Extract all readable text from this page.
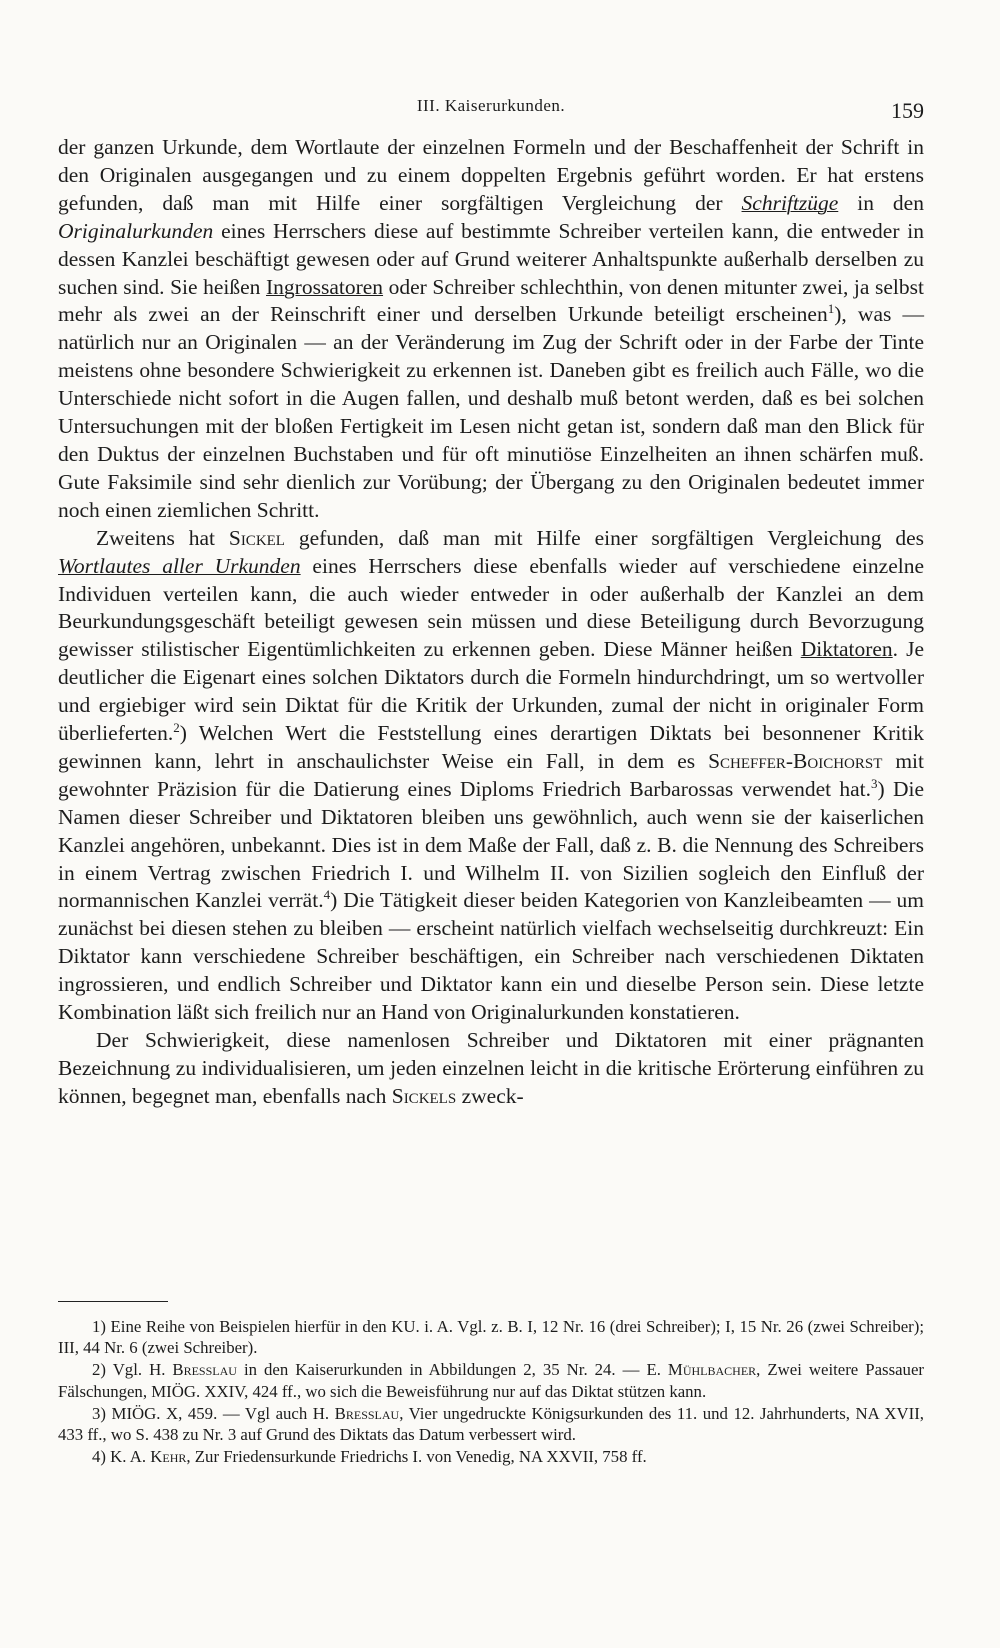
III. Kaiserurkunden.	159

der ganzen Urkunde, dem Wortlaute der einzelnen Formeln und der Beschaffenheit der Schrift in den Originalen ausgegangen und zu einem doppelten Ergebnis geführt worden. Er hat erstens gefunden, daß man mit Hilfe einer sorgfältigen Vergleichung der Schriftzüge in den Originalurkunden eines Herrschers diese auf bestimmte Schreiber verteilen kann, die entweder in dessen Kanzlei beschäftigt gewesen oder auf Grund weiterer Anhaltspunkte außerhalb derselben zu suchen sind. Sie heißen Ingrossatoren oder Schreiber schlechthin, von denen mitunter zwei, ja selbst mehr als zwei an der Reinschrift einer und derselben Urkunde beteiligt erscheinen$^1$), was — natürlich nur an Originalen — an der Veränderung im Zug der Schrift oder in der Farbe der Tinte meistens ohne besondere Schwierigkeit zu erkennen ist. Daneben gibt es freilich auch Fälle, wo die Unterschiede nicht sofort in die Augen fallen, und deshalb muß betont werden, daß es bei solchen Untersuchungen mit der bloßen Fertigkeit im Lesen nicht getan ist, sondern daß man den Blick für den Duktus der einzelnen Buchstaben und für oft minutiöse Einzelheiten an ihnen schärfen muß. Gute Faksimile sind sehr dienlich zur Vorübung; der Übergang zu den Originalen bedeutet immer noch einen ziemlichen Schritt.

Zweitens hat Sickel gefunden, daß man mit Hilfe einer sorgfältigen Vergleichung des Wortlautes aller Urkunden eines Herrschers diese ebenfalls wieder auf verschiedene einzelne Individuen verteilen kann, die auch wieder entweder in oder außerhalb der Kanzlei an dem Beurkundungsgeschäft beteiligt gewesen sein müssen und diese Beteiligung durch Bevorzugung gewisser stilistischer Eigentümlichkeiten zu erkennen geben. Diese Männer heißen Diktatoren. Je deutlicher die Eigenart eines solchen Diktators durch die Formeln hindurchdringt, um so wertvoller und ergiebiger wird sein Diktat für die Kritik der Urkunden, zumal der nicht in originaler Form überlieferten.$^2$) Welchen Wert die Feststellung eines derartigen Diktats bei besonnener Kritik gewinnen kann, lehrt in anschaulichster Weise ein Fall, in dem es Scheffer-Boichorst mit gewohnter Präzision für die Datierung eines Diploms Friedrich Barbarossas verwendet hat.$^3$) Die Namen dieser Schreiber und Diktatoren bleiben uns gewöhnlich, auch wenn sie der kaiserlichen Kanzlei angehören, unbekannt. Dies ist in dem Maße der Fall, daß z. B. die Nennung des Schreibers in einem Vertrag zwischen Friedrich I. und Wilhelm II. von Sizilien sogleich den Einfluß der normannischen Kanzlei verrät.$^4$) Die Tätigkeit dieser beiden Kategorien von Kanzleibeamten — um zunächst bei diesen stehen zu bleiben — erscheint natürlich vielfach wechselseitig durchkreuzt: Ein Diktator kann verschiedene Schreiber beschäftigen, ein Schreiber nach verschiedenen Diktaten ingrossieren, und endlich Schreiber und Diktator kann ein und dieselbe Person sein. Diese letzte Kombination läßt sich freilich nur an Hand von Originalurkunden konstatieren.

Der Schwierigkeit, diese namenlosen Schreiber und Diktatoren mit einer prägnanten Bezeichnung zu individualisieren, um jeden einzelnen leicht in die kritische Erörterung einführen zu können, begegnet man, ebenfalls nach Sickels zweck-

1) Eine Reihe von Beispielen hierfür in den KU. i. A. Vgl. z. B. I, 12 Nr. 16 (drei Schreiber); I, 15 Nr. 26 (zwei Schreiber); III, 44 Nr. 6 (zwei Schreiber).

2) Vgl. H. Bresslau in den Kaiserurkunden in Abbildungen 2, 35 Nr. 24. — E. Mühlbacher, Zwei weitere Passauer Fälschungen, MIÖG. XXIV, 424 ff., wo sich die Beweisführung nur auf das Diktat stützen kann.

3) MIÖG. X, 459. — Vgl auch H. Bresslau, Vier ungedruckte Königsurkunden des 11. und 12. Jahrhunderts, NA XVII, 433 ff., wo S. 438 zu Nr. 3 auf Grund des Diktats das Datum verbessert wird.

4) K. A. Kehr, Zur Friedensurkunde Friedrichs I. von Venedig, NA XXVII, 758 ff.
